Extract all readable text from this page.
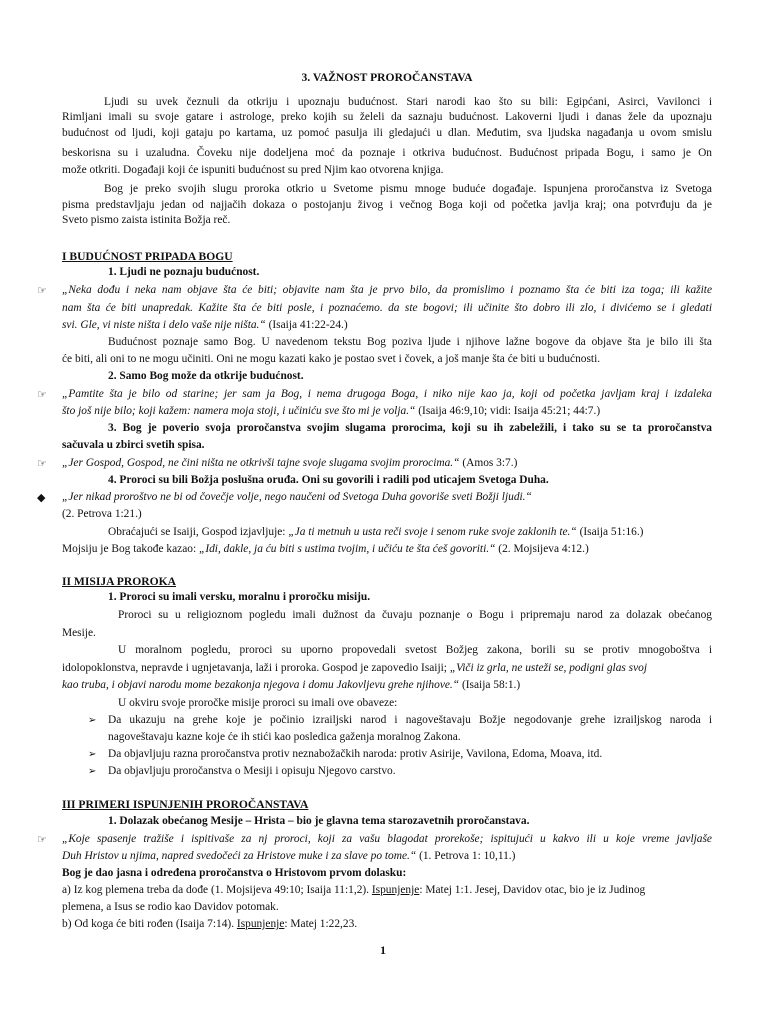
3. VAŽNOST PROROČANSTAVA
Ljudi su uvek čeznuli da otkriju i upoznaju budućnost. Stari narodi kao što su bili: Egipćani, Asirci, Vavilonci i
Rimljani imali su svoje gatare i astrologe, preko kojih su želeli da saznaju budućnost. Lakoverni ljudi i danas žele da upoznaju
budućnost od ljudi, koji gataju po kartama, uz pomoć pasulja ili gledajući u dlan. Međutim, sva ljudska nagađanja u ovom smislu
beskorisna su i uzaludna. Čoveku nije dodeljena moć da poznaje i otkriva budućnost. Budućnost pripada Bogu, i samo je On
može otkriti. Događaji koji će ispuniti budućnost su pred Njim kao otvorena knjiga.
Bog je preko svojih slugu proroka otkrio u Svetome pismu mnoge buduće događaje. Ispunjena proročanstva iz Svetoga
pisma predstavljaju jedan od najjačih dokaza o postojanju živog i večnog Boga koji od početka javlja kraj; ona potvrđuju da je
Sveto pismo zaista istinita Božja reč.
I BUDUĆNOST PRIPADA BOGU
1. Ljudi ne poznaju budućnost.
☞ „Neka dođu i neka nam objave šta će biti; objavite nam šta je prvo bilo, da promislimo i poznamo šta će biti iza toga; ili kažite
nam šta će biti unapredak. Kažite šta će biti posle, i poznaćemo. da ste bogovi; ili učinite što dobro ili zlo, i divićemo se i gledati
svi. Gle, vi niste ništa i delo vaše nije ništa.“ (Isaija 41:22-24.)
Budućnost poznaje samo Bog. U navedenom tekstu Bog poziva ljude i njihove lažne bogove da objave šta je bilo ili šta
će biti, ali oni to ne mogu učiniti. Oni ne mogu kazati kako je postao svet i čovek, a još manje šta će biti u budućnosti.
2. Samo Bog može da otkrije budućnost.
☞ „Pamtite šta je bilo od starine; jer sam ja Bog, i nema drugoga Boga, i niko nije kao ja, koji od početka javljam kraj i izdaleka
što još nije bilo; koji kažem: namera moja stoji, i učiniću sve što mi je volja.“ (Isaija 46:9,10; vidi: Isaija 45:21; 44:7.)
3. Bog je poverio svoja proročanstva svojim slugama prorocima, koji su ih zabeležili, i tako su se ta proročanstva
sačuvala u zbirci svetih spisa.
☞ „Jer Gospod, Gospod, ne čini ništa ne otkrivši tajne svoje slugama svojim prorocima.“ (Amos 3:7.)
4. Proroci su bili Božja poslušna oruđa. Oni su govorili i radili pod uticajem Svetoga Duha.
◆ „Jer nikad proroštvo ne bi od čovečje volje, nego naučeni od Svetoga Duha govoriše sveti Božji ljudi.“
(2. Petrova 1:21.)
Obraćajući se Isaiji, Gospod izjavljuje: „Ja ti metnuh u usta reči svoje i senom ruke svoje zaklonih te.“ (Isaija 51:16.)
Mojsiju je Bog takođe kazao: „Idi, dakle, ja ću biti s ustima tvojim, i učiću te šta ćeš govoriti.“ (2. Mojsijeva 4:12.)
II MISIJA PROROKA
1. Proroci su imali versku, moralnu i proročku misiju.
Proroci su u religioznom pogledu imali dužnost da čuvaju poznanje o Bogu i pripremaju narod za dolazak obećanog
Mesije.
U moralnom pogledu, proroci su uporno propovedali svetost Božjeg zakona, borili su se protiv mnogoboštva i
idolopoklonstva, nepravde i ugnjetavanja, laži i proroka. Gospod je zapovedio Isaiji; „Viči iz grla, ne usteži se, podigni glas svoj
kao truba, i objavi narodu mome bezakonja njegova i domu Jakovljevu grehe njihove.“ (Isaija 58:1.)
U okviru svoje proročke misije proroci su imali ove obaveze:
➢ Da ukazuju na grehe koje je počinio izrailjski narod i nagoveštavaju Božje negodovanje grehe izrailjskog naroda i
nagoveštavaju kazne koje će ih stići kao posledica gaženja moralnog Zakona.
➢ Da objavljuju razna proročanstva protiv neznabožačkih naroda: protiv Asirije, Vavilona, Edoma, Moava, itd.
➢ Da objavljuju proročanstva o Mesiji i opisuju Njegovo carstvo.
III PRIMERI ISPUNJENIH PROROČANSTAVA
1. Dolazak obećanog Mesije – Hrista – bio je glavna tema starozavetnih proročanstava.
☞ „Koje spasenje tražiše i ispitivaše za nj proroci, koji za vašu blagodat prorekoše; ispitujući u kakvo ili u koje vreme javljaše
Duh Hristov u njima, napred svedočeći za Hristove muke i za slave po tome.“ (1. Petrova 1: 10,11.)
Bog je dao jasna i određena proročanstva o Hristovom prvom dolasku:
a) Iz kog plemena treba da dođe (1. Mojsijeva 49:10; Isaija 11:1,2). Ispunjenje: Matej 1:1. Jesej, Davidov otac, bio je iz Judinog
plemena, a Isus se rodio kao Davidov potomak.
b) Od koga će biti rođen (Isaija 7:14). Ispunjenje: Matej 1:22,23.
1
